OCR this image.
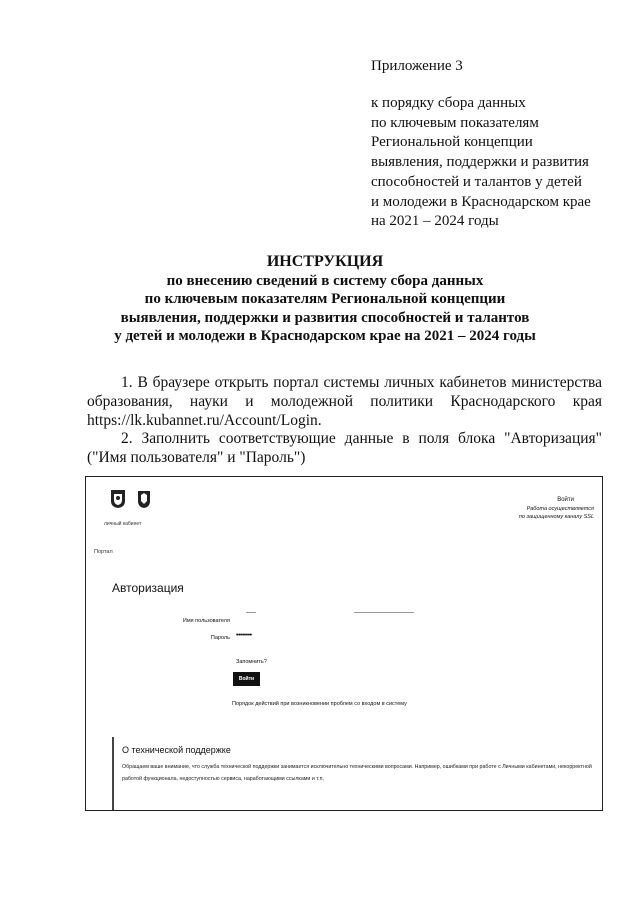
Приложение 3
к порядку сбора данных
по ключевым показателям
Региональной концепции
выявления, поддержки и развития
способностей и талантов у детей
и молодежи в Краснодарском крае
на 2021 – 2024 годы
ИНСТРУКЦИЯ
по внесению сведений в систему сбора данных
по ключевым показателям Региональной концепции
выявления, поддержки и развития способностей и талантов
у детей и молодежи в Краснодарском крае на 2021 – 2024 годы
1. В браузере открыть портал системы личных кабинетов министерства образования, науки и молодежной политики Краснодарского края https://lk.kubannet.ru/Account/Login.
2. Заполнить соответствующие данные в поля блока "Авторизация" ("Имя пользователя" и "Пароль")
личный кабинет
Войти
Работа осуществляется
по защищенному каналу SSL
Портал
Авторизация
Имя пользователя
Пароль ••••••••
Запомнить?
Войти
Порядок действий при возникновении проблем со входом в систему
О технической поддержке
Обращаем ваше внимание, что служба технической поддержки занимается исключительно техническими вопросами. Например, ошибками при работе с Личными кабинетами, некорректной работой функционала, недоступностью сервиса, наработающими ссылками и т.п.
